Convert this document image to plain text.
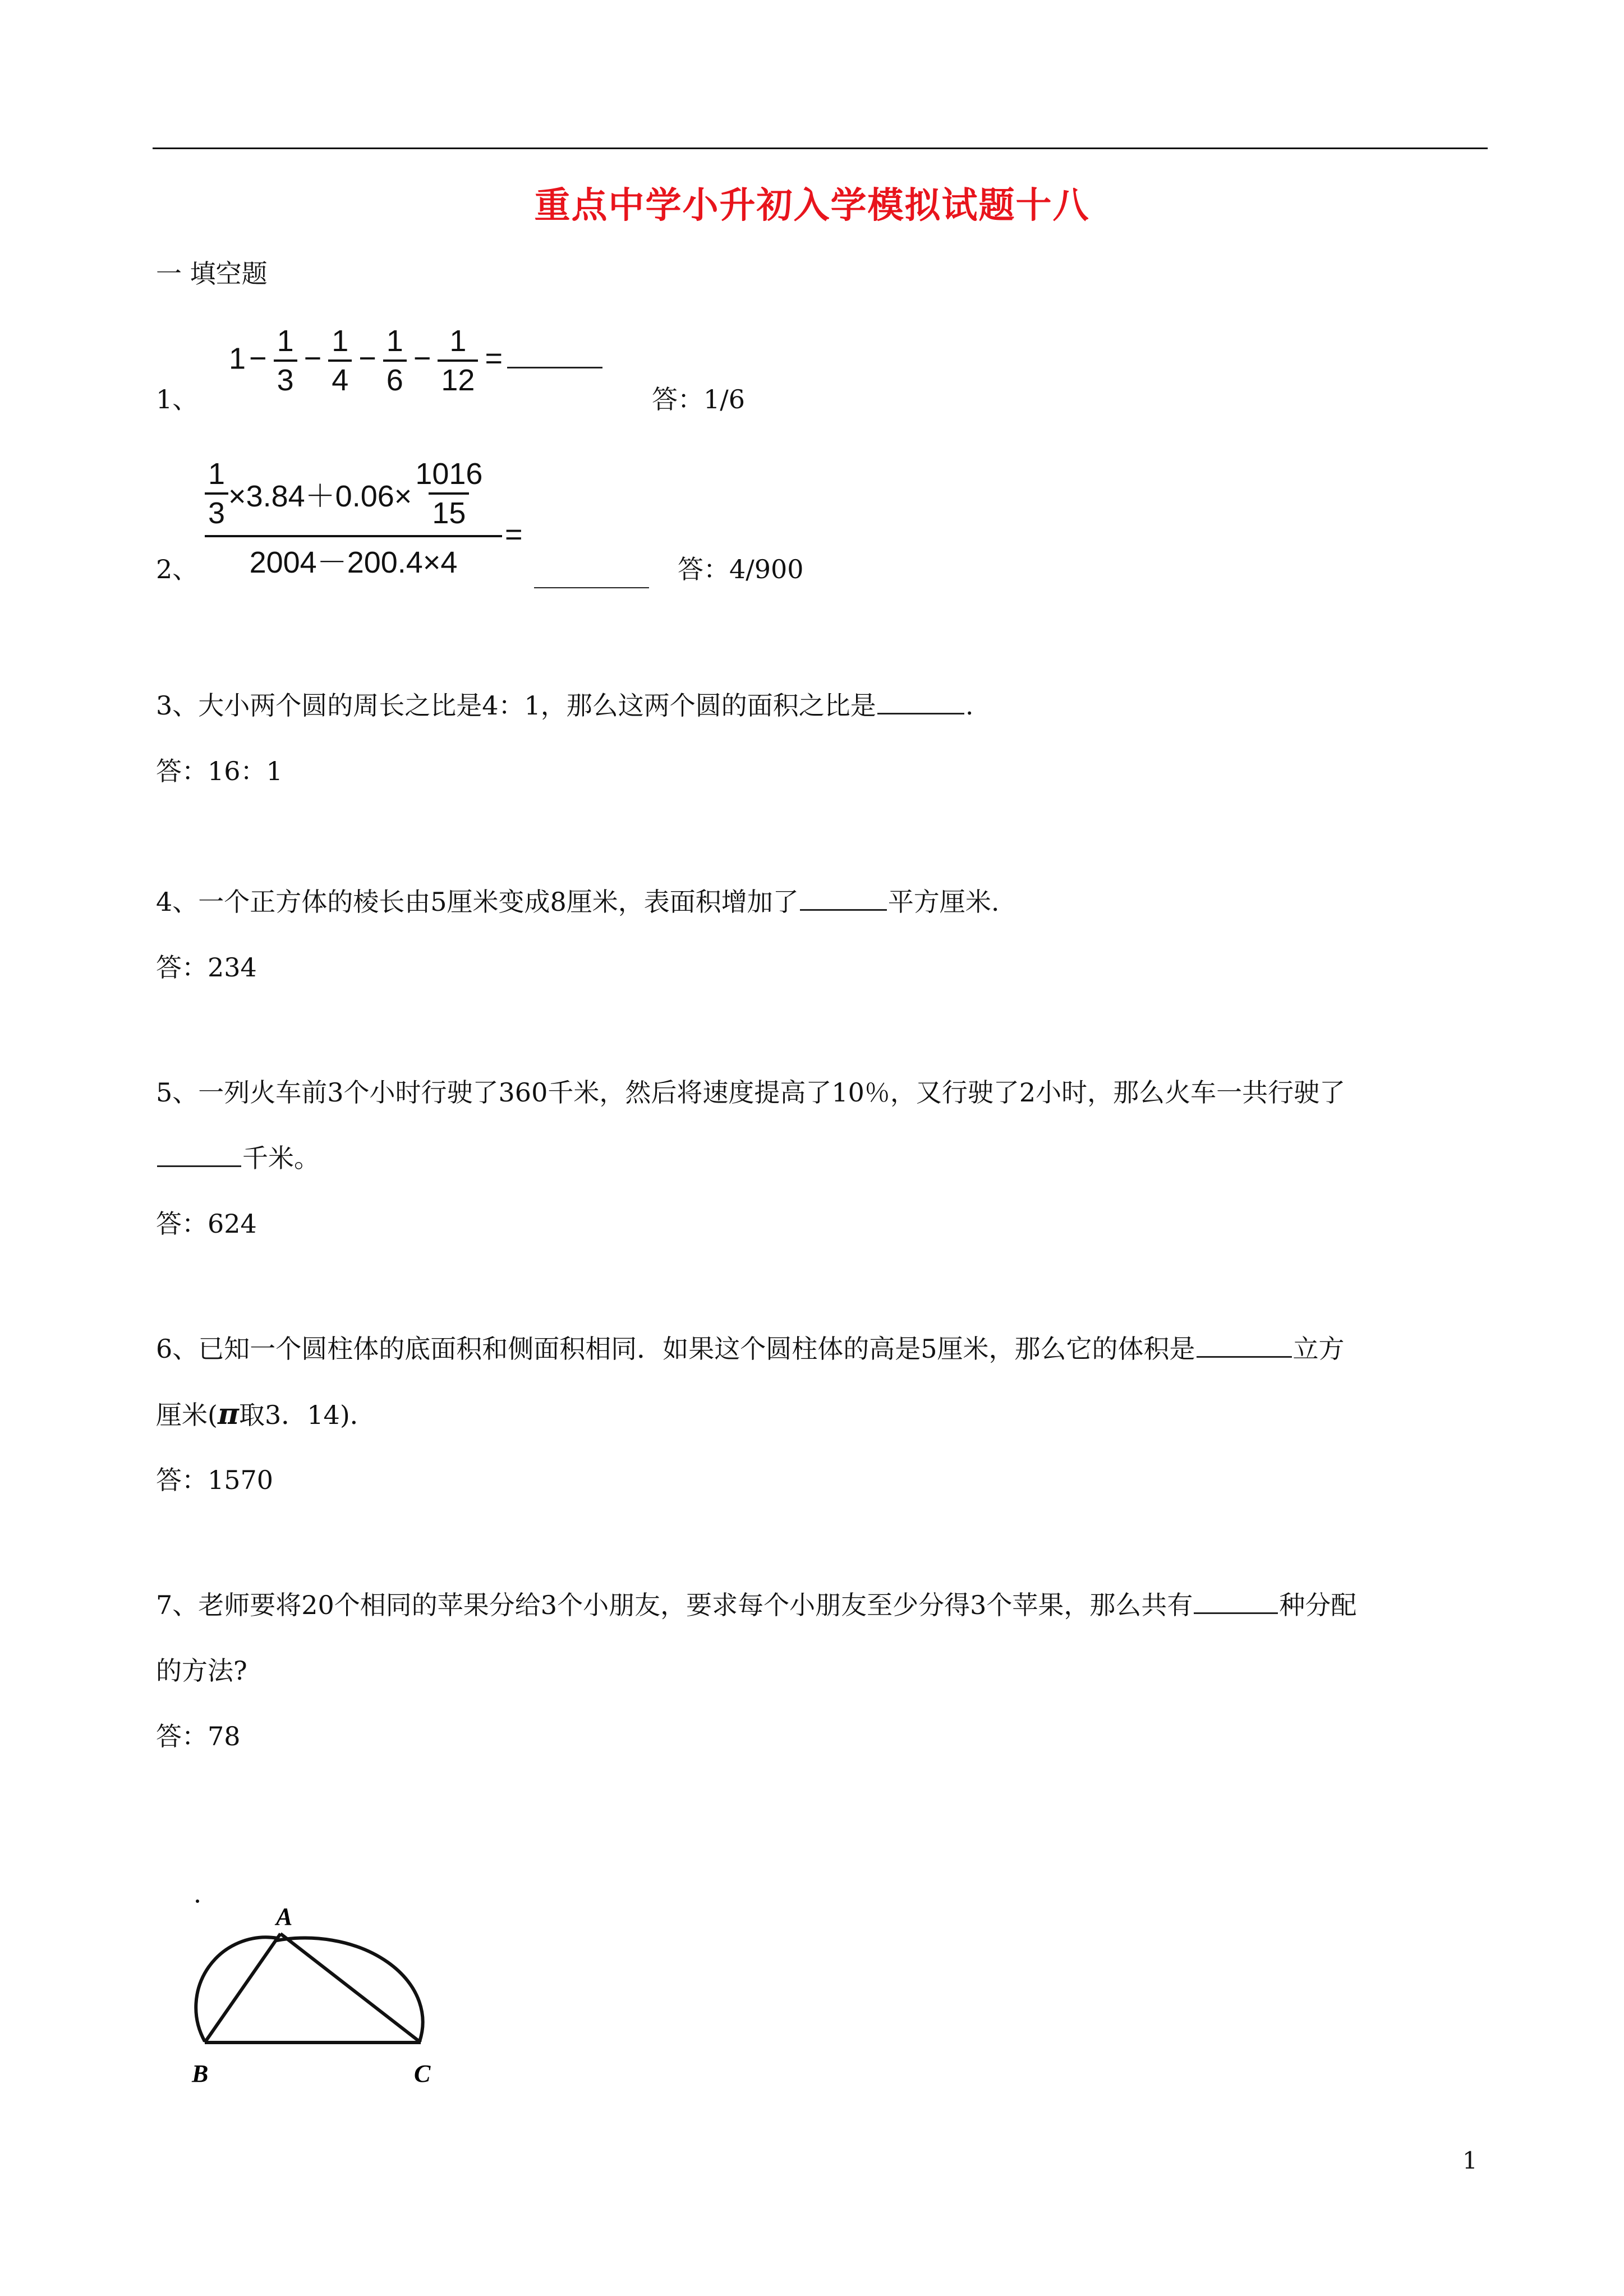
重点中学小升初入学模拟试题十八
一 填空题
1、
$1 - \frac{1}{3} - \frac{1}{4} - \frac{1}{6} - \frac{1}{12}$ =
答：1/6
2、
$\frac{1}{3} \times 3.84+0.06\times \frac{1016}{15}$
2004－200.4×4
=
答：4/900
3、大小两个圆的周长之比是4：1，那么这两个圆的面积之比是	.
答：16：1
4、一个正方体的棱长由5厘米变成8厘米，表面积增加了	平方厘米.
答：234
5、一列火车前3个小时行驶了360千米，然后将速度提高了10％，又行驶了2小时，那么火车一共行驶了
千米。
答：624
6、已知一个圆柱体的底面积和侧面积相同．如果这个圆柱体的高是5厘米，那么它的体积是	立方
厘米(π取3．14)．
答：1570
7、老师要将20个相同的苹果分给3个小朋友，要求每个小朋友至少分得3个苹果，那么共有	种分配
的方法?
答：78
A
B	C
1
